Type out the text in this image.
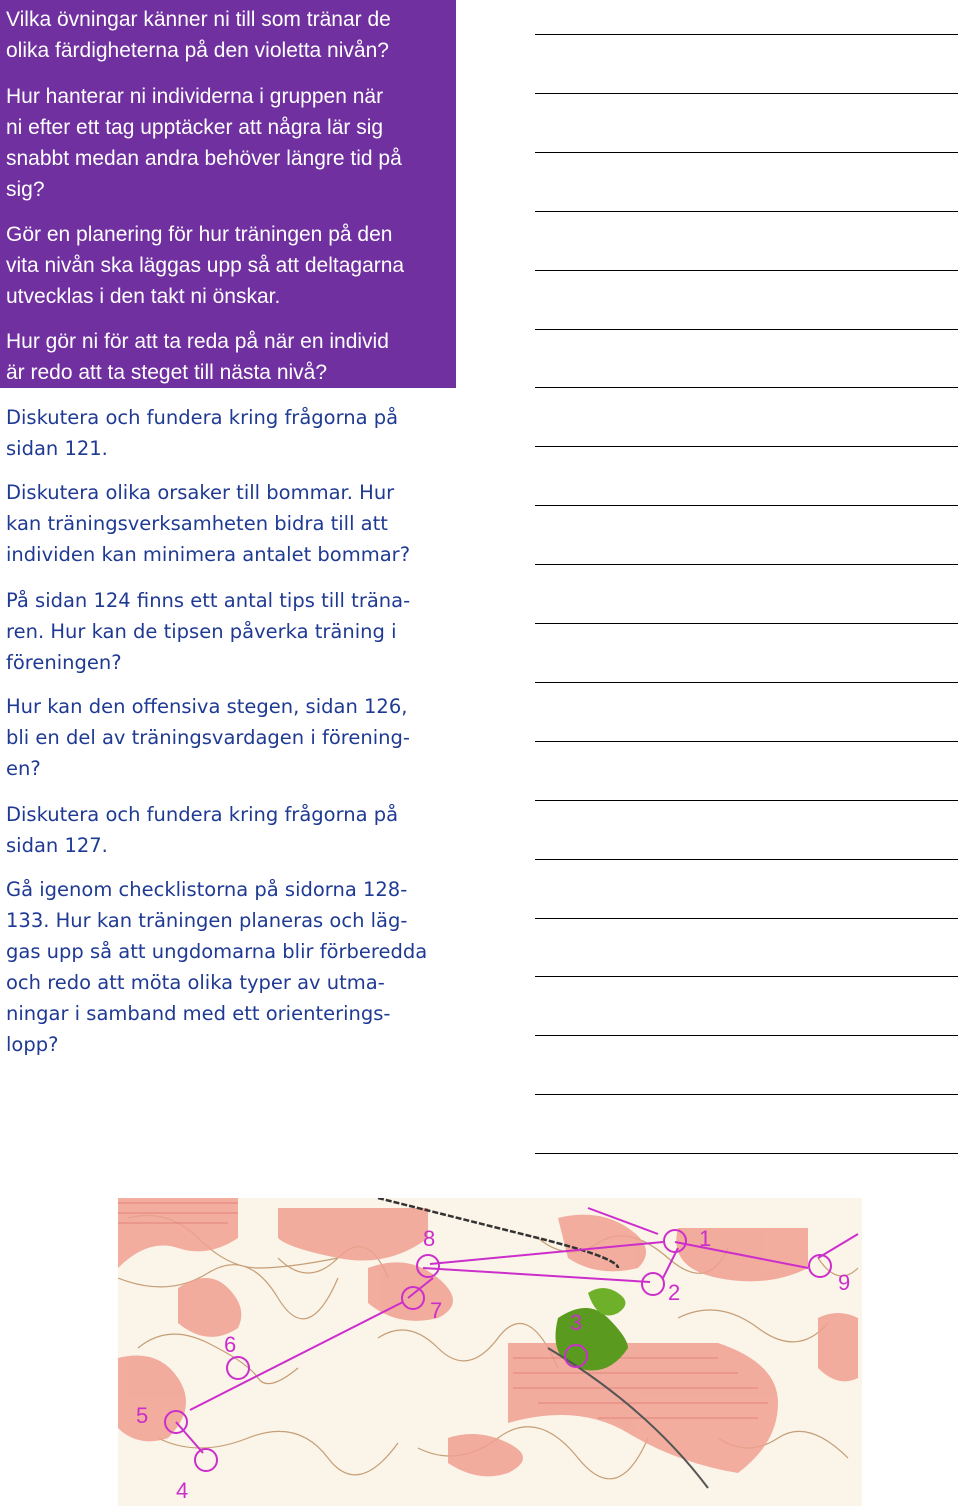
Vilka övningar känner ni till som tränar de
olika färdigheterna på den violetta nivån?

Hur hanterar ni individerna i gruppen när
ni efter ett tag upptäcker att några lär sig
snabbt medan andra behöver längre tid på
sig?

Gör en planering för hur träningen på den
vita nivån ska läggas upp så att deltagarna
utvecklas i den takt ni önskar.

Hur gör ni för att ta reda på när en individ
är redo att ta steget till nästa nivå?

Diskutera och fundera kring frågorna på
sidan 121.

Diskutera olika orsaker till bommar. Hur
kan träningsverksamheten bidra till att
individen kan minimera antalet bommar?

På sidan 124 finns ett antal tips till träna-
ren. Hur kan de tipsen påverka träning i
föreningen?

Hur kan den offensiva stegen, sidan 126,
bli en del av träningsvardagen i förening-
en?

Diskutera och fundera kring frågorna på
sidan 127.

Gå igenom checklistorna på sidorna 128-
133. Hur kan träningen planeras och läg-
gas upp så att ungdomarna blir förberedda
och redo att möta olika typer av utma-
ningar i samband med ett orienterings-
lopp?

1
2
3
4
5
6
7
8
9
